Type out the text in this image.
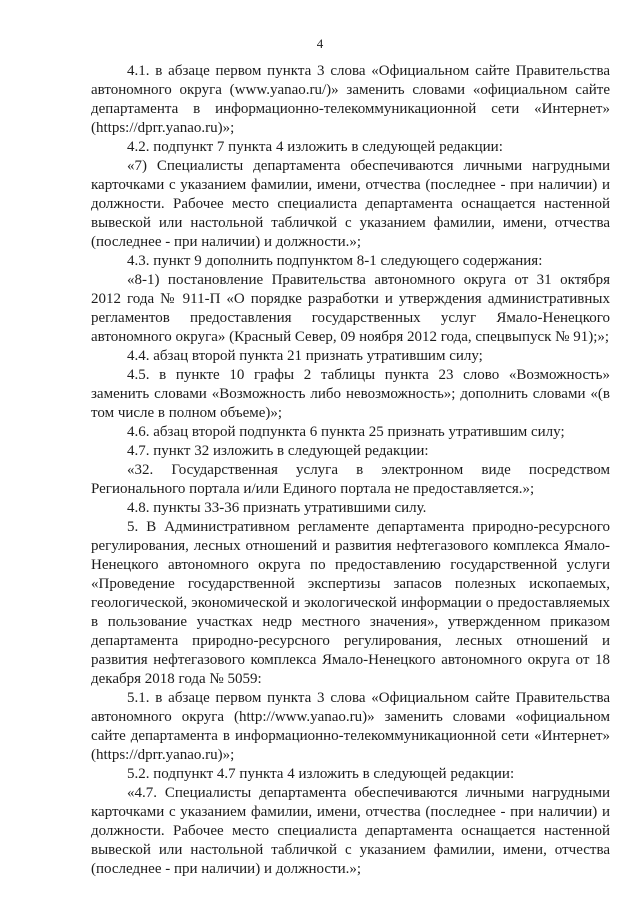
4

4.1. в абзаце первом пункта 3 слова «Официальном сайте Правительства автономного округа (www.yanao.ru/)» заменить словами «официальном сайте департамента в информационно-телекоммуникационной сети «Интернет» (https://dprr.yanao.ru)»;

4.2. подпункт 7 пункта 4 изложить в следующей редакции:

«7) Специалисты департамента обеспечиваются личными нагрудными карточками с указанием фамилии, имени, отчества (последнее - при наличии) и должности. Рабочее место специалиста департамента оснащается настенной вывеской или настольной табличкой с указанием фамилии, имени, отчества (последнее - при наличии) и должности.»;

4.3. пункт 9 дополнить подпунктом 8-1 следующего содержания:

«8-1) постановление Правительства автономного округа от 31 октября 2012 года № 911-П «О порядке разработки и утверждения административных регламентов предоставления государственных услуг Ямало-Ненецкого автономного округа» (Красный Север, 09 ноября 2012 года, спецвыпуск № 91);»;

4.4. абзац второй пункта 21 признать утратившим силу;

4.5. в пункте 10 графы 2 таблицы пункта 23 слово «Возможность» заменить словами «Возможность либо невозможность»; дополнить словами «(в том числе в полном объеме)»;

4.6. абзац второй подпункта 6 пункта 25 признать утратившим силу;

4.7. пункт 32 изложить в следующей редакции:

«32. Государственная услуга в электронном виде посредством Регионального портала и/или Единого портала не предоставляется.»;

4.8. пункты 33-36 признать утратившими силу.

5. В Административном регламенте департамента природно-ресурсного регулирования, лесных отношений и развития нефтегазового комплекса Ямало-Ненецкого автономного округа по предоставлению государственной услуги «Проведение государственной экспертизы запасов полезных ископаемых, геологической, экономической и экологической информации о предоставляемых в пользование участках недр местного значения», утвержденном приказом департамента природно-ресурсного регулирования, лесных отношений и развития нефтегазового комплекса Ямало-Ненецкого автономного округа от 18 декабря 2018 года № 5059:

5.1. в абзаце первом пункта 3 слова «Официальном сайте Правительства автономного округа (http://www.yanao.ru)» заменить словами «официальном сайте департамента в информационно-телекоммуникационной сети «Интернет» (https://dprr.yanao.ru)»;

5.2. подпункт 4.7 пункта 4 изложить в следующей редакции:

«4.7. Специалисты департамента обеспечиваются личными нагрудными карточками с указанием фамилии, имени, отчества (последнее - при наличии) и должности. Рабочее место специалиста департамента оснащается настенной вывеской или настольной табличкой с указанием фамилии, имени, отчества (последнее - при наличии) и должности.»;
